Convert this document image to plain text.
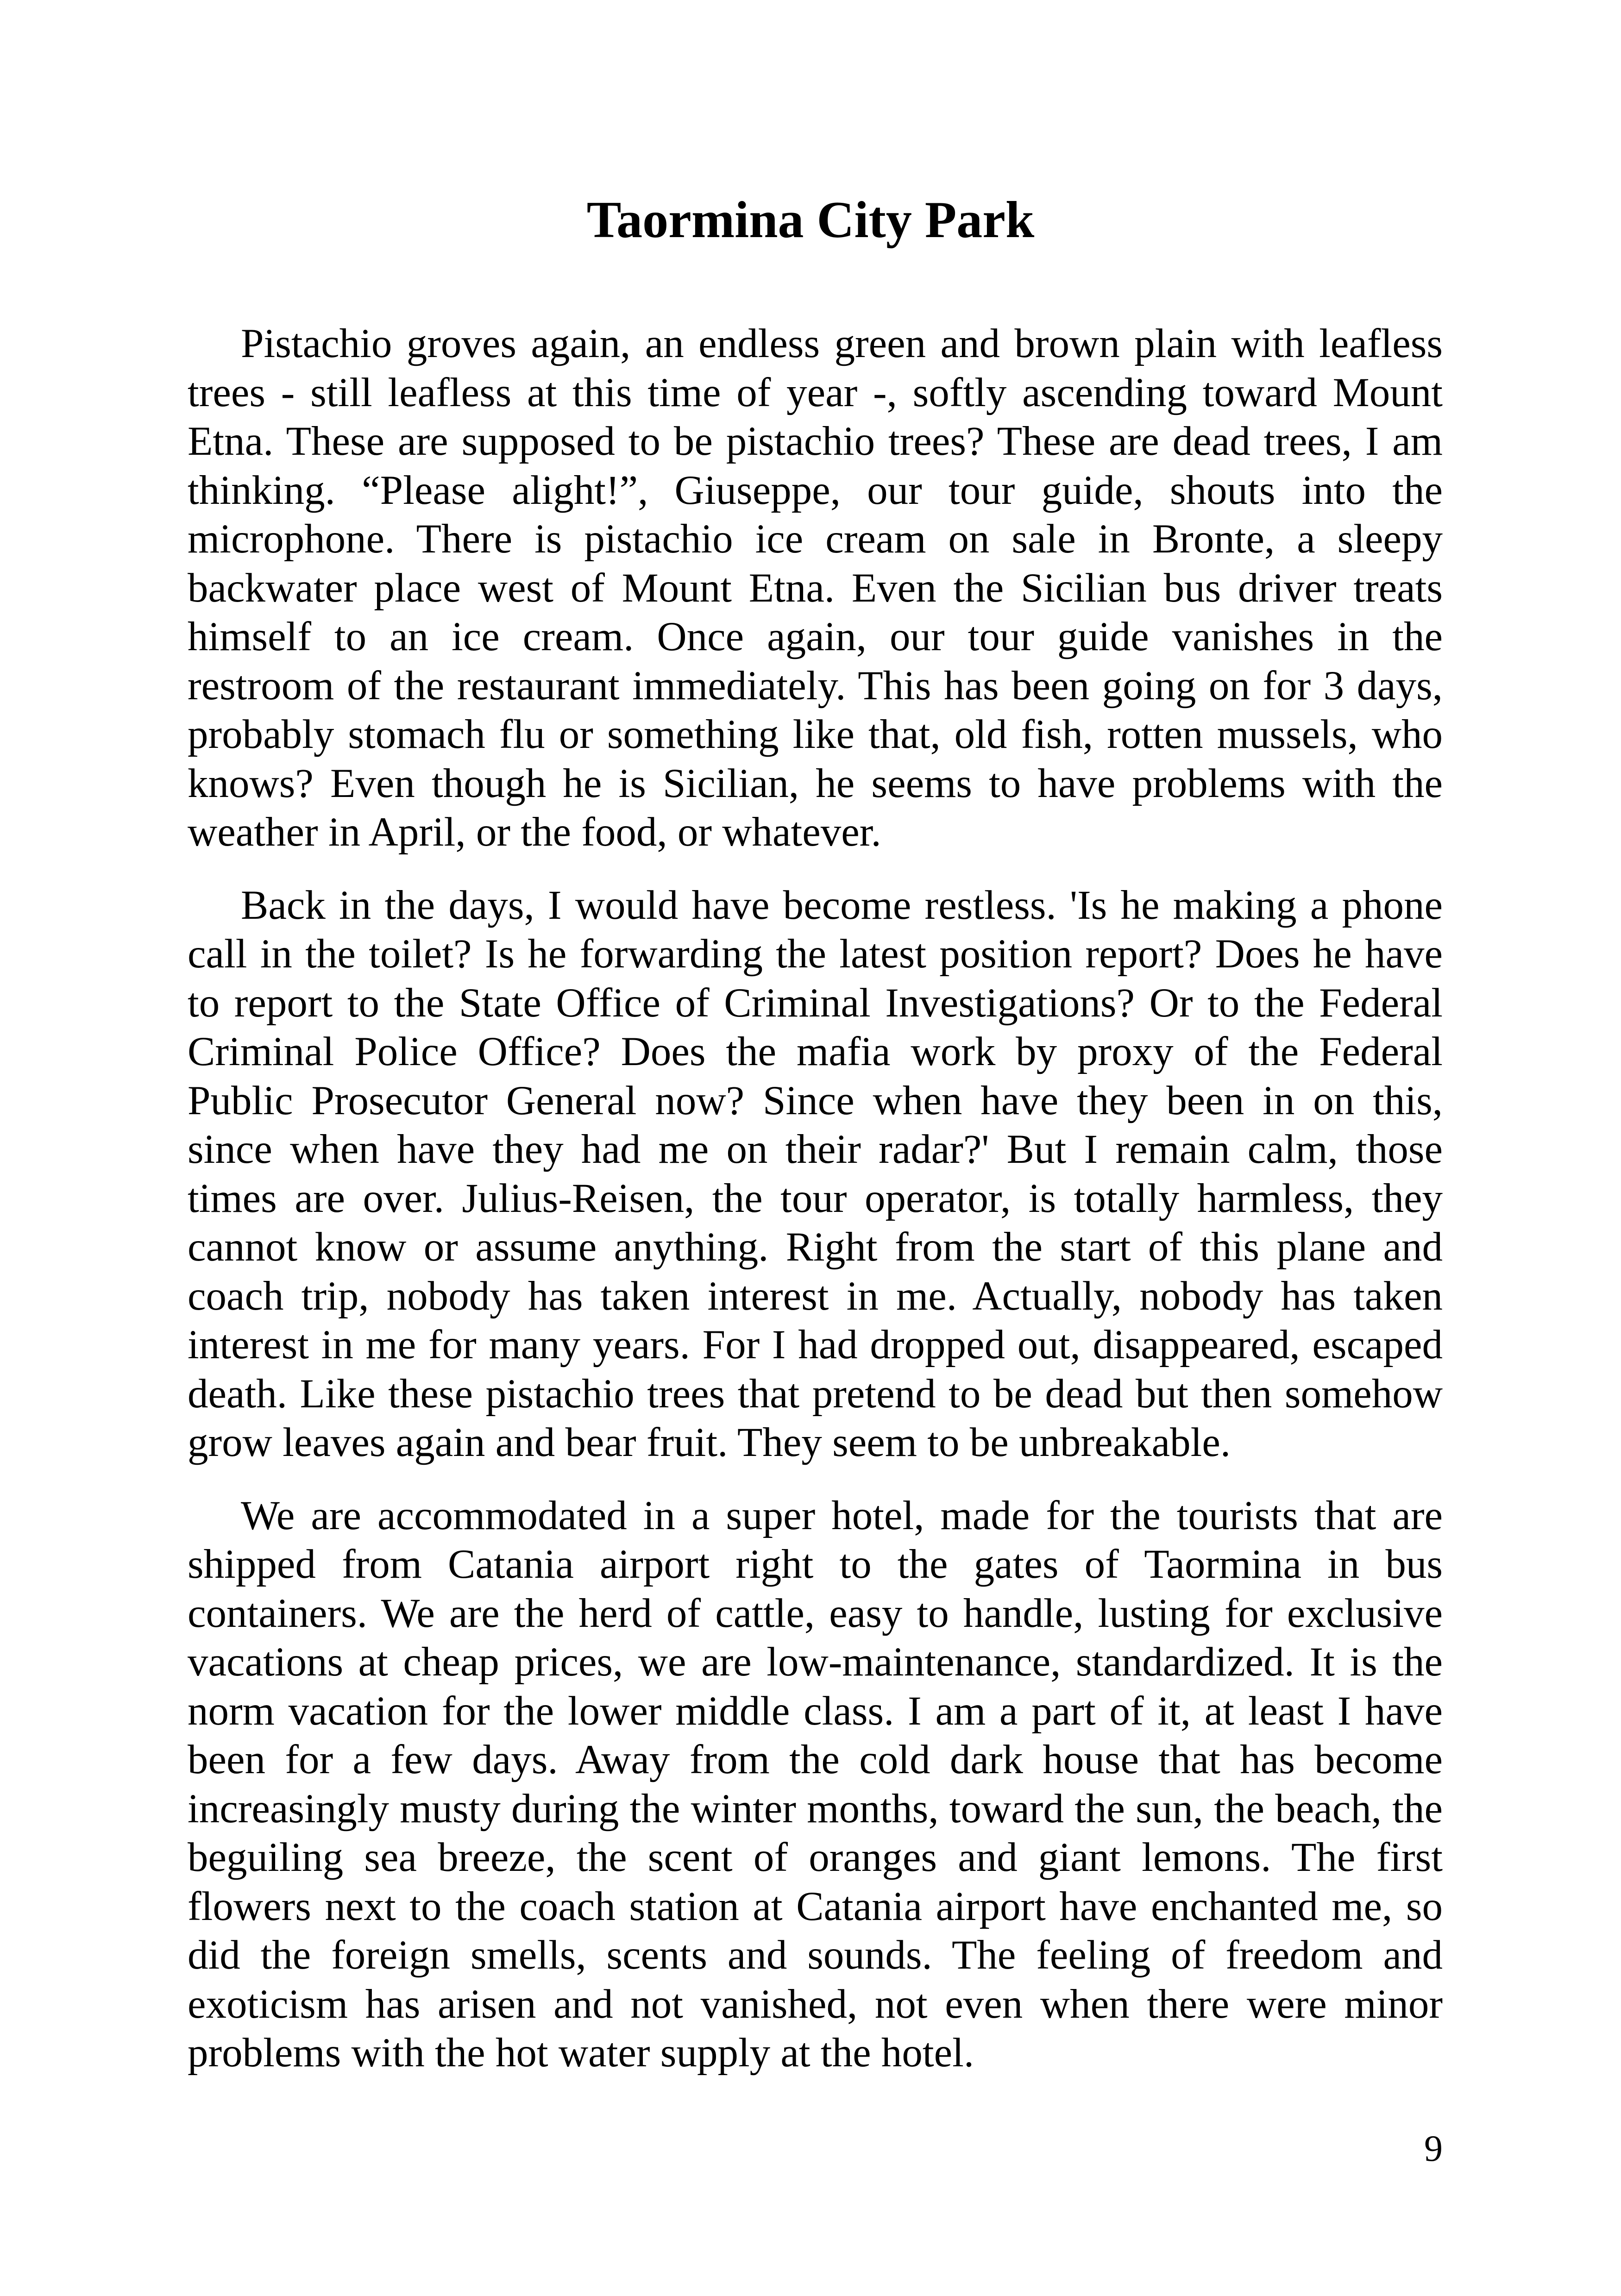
Taormina City Park

Pistachio groves again, an endless green and brown plain with leafless trees - still leafless at this time of year -, softly ascending toward Mount Etna. These are supposed to be pistachio trees? These are dead trees, I am thinking. “Please alight!”, Giuseppe, our tour guide, shouts into the microphone. There is pistachio ice cream on sale in Bronte, a sleepy backwater place west of Mount Etna. Even the Sicilian bus driver treats himself to an ice cream. Once again, our tour guide vanishes in the restroom of the restaurant immediately. This has been going on for 3 days, probably stomach flu or something like that, old fish, rotten mussels, who knows? Even though he is Sicilian, he seems to have problems with the weather in April, or the food, or whatever.

Back in the days, I would have become restless. 'Is he making a phone call in the toilet? Is he forwarding the latest position report? Does he have to report to the State Office of Criminal Investigations? Or to the Federal Criminal Police Office? Does the mafia work by proxy of the Federal Public Prosecutor General now? Since when have they been in on this, since when have they had me on their radar?' But I remain calm, those times are over. Julius-Reisen, the tour operator, is totally harmless, they cannot know or assume anything. Right from the start of this plane and coach trip, nobody has taken interest in me. Actually, nobody has taken interest in me for many years. For I had dropped out, disappeared, escaped death. Like these pistachio trees that pretend to be dead but then somehow grow leaves again and bear fruit. They seem to be unbreakable.

We are accommodated in a super hotel, made for the tourists that are shipped from Catania airport right to the gates of Taormina in bus containers. We are the herd of cattle, easy to handle, lusting for exclusive vacations at cheap prices, we are low-maintenance, standardized. It is the norm vacation for the lower middle class. I am a part of it, at least I have been for a few days. Away from the cold dark house that has become increasingly musty during the winter months, toward the sun, the beach, the beguiling sea breeze, the scent of oranges and giant lemons. The first flowers next to the coach station at Catania airport have enchanted me, so did the foreign smells, scents and sounds. The feeling of freedom and exoticism has arisen and not vanished, not even when there were minor problems with the hot water supply at the hotel.

9
